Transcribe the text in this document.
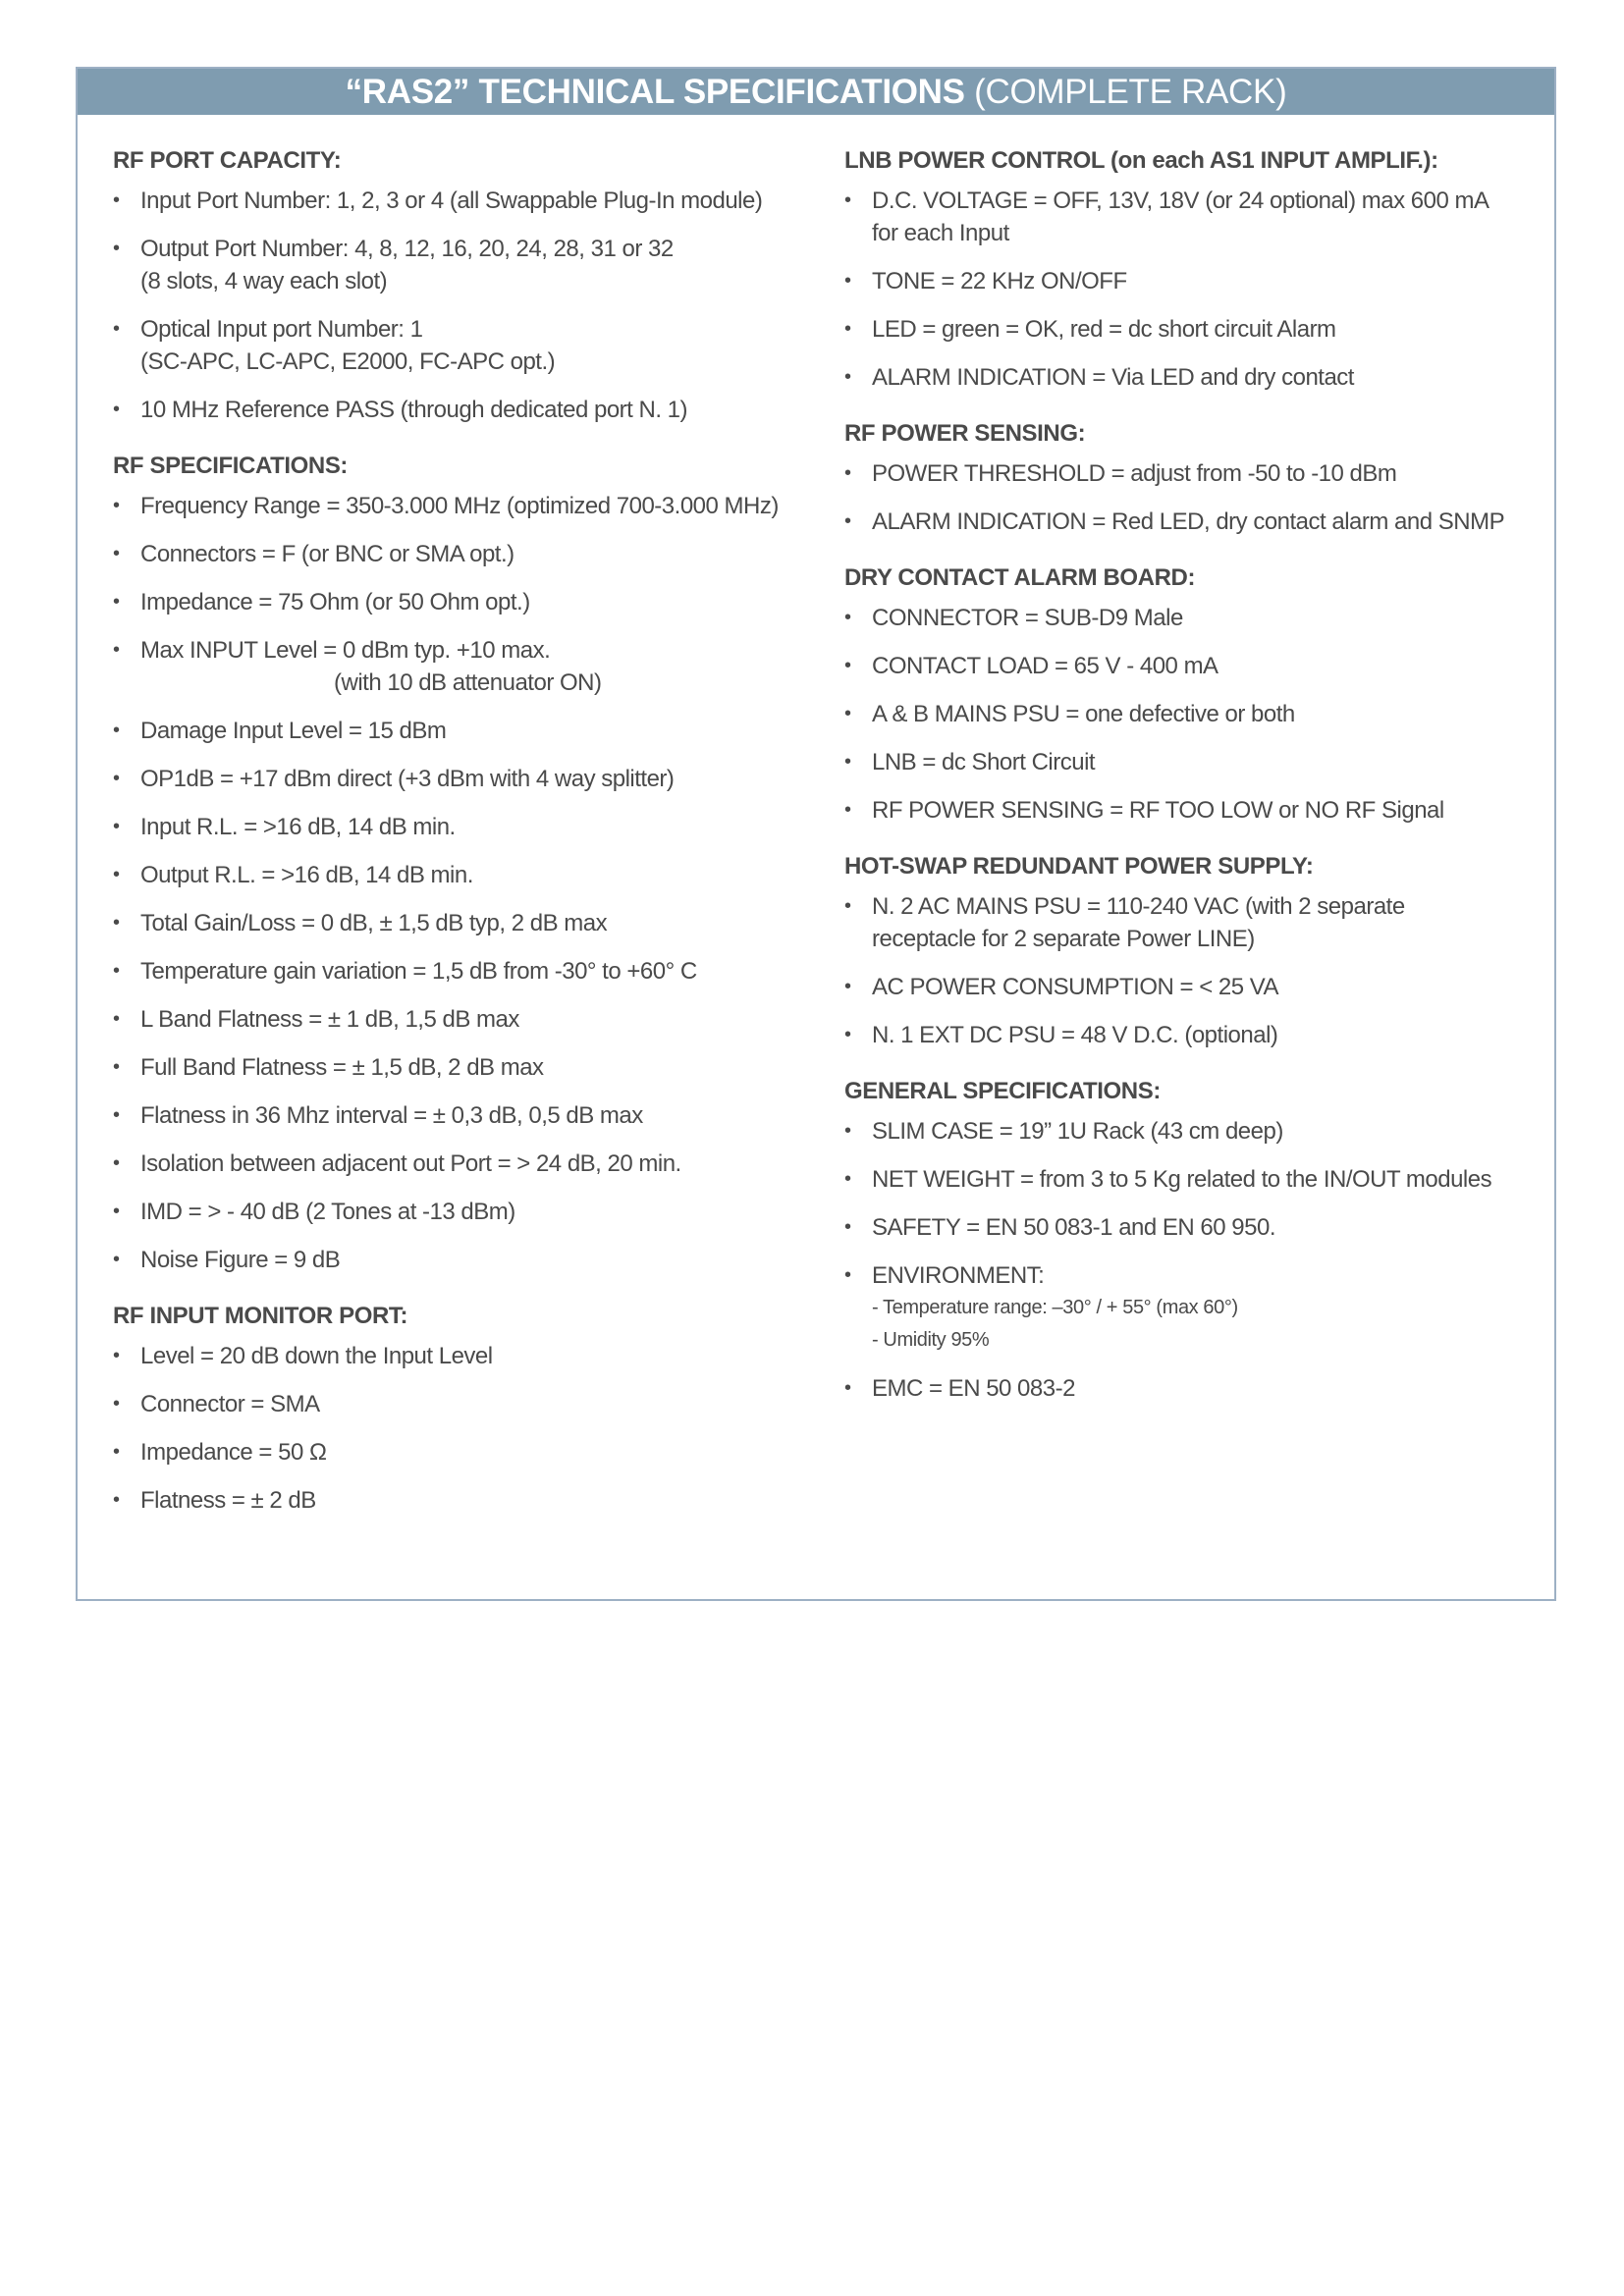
“RAS2” TECHNICAL SPECIFICATIONS (COMPLETE RACK)
RF PORT CAPACITY:
• Input Port Number: 1, 2, 3 or 4 (all Swappable Plug-In module)
• Output Port Number: 4, 8, 12, 16, 20, 24, 28, 31 or 32
(8 slots, 4 way each slot)
• Optical Input port Number: 1
(SC-APC, LC-APC, E2000, FC-APC opt.)
• 10 MHz Reference PASS (through dedicated port N. 1)
RF SPECIFICATIONS:
• Frequency Range = 350-3.000 MHz (optimized 700-3.000 MHz)
• Connectors = F (or BNC or SMA opt.)
• Impedance = 75 Ohm (or 50 Ohm opt.)
• Max INPUT Level = 0 dBm typ. +10 max.
(with 10 dB attenuator ON)
• Damage Input Level = 15 dBm
• OP1dB = +17 dBm direct (+3 dBm with 4 way splitter)
• Input R.L. = >16 dB, 14 dB min.
• Output R.L. = >16 dB, 14 dB min.
• Total Gain/Loss = 0 dB, ± 1,5 dB typ, 2 dB max
• Temperature gain variation = 1,5 dB from -30° to +60° C
• L Band Flatness = ± 1 dB, 1,5 dB max
• Full Band Flatness = ± 1,5 dB, 2 dB max
• Flatness in 36 Mhz interval = ± 0,3 dB, 0,5 dB max
• Isolation between adjacent out Port = > 24 dB, 20 min.
• IMD = > - 40 dB (2 Tones at -13 dBm)
• Noise Figure = 9 dB
RF INPUT MONITOR PORT:
• Level = 20 dB down the Input Level
• Connector = SMA
• Impedance = 50 Ω
• Flatness = ± 2 dB
LNB POWER CONTROL (on each AS1 INPUT AMPLIF.):
• D.C. VOLTAGE = OFF, 13V, 18V (or 24 optional) max 600 mA
for each Input
• TONE = 22 KHz ON/OFF
• LED = green = OK, red = dc short circuit Alarm
• ALARM INDICATION = Via LED and dry contact
RF POWER SENSING:
• POWER THRESHOLD = adjust from -50 to -10 dBm
• ALARM INDICATION = Red LED, dry contact alarm and SNMP
DRY CONTACT ALARM BOARD:
• CONNECTOR = SUB-D9 Male
• CONTACT LOAD = 65 V - 400 mA
• A & B MAINS PSU = one defective or both
• LNB = dc Short Circuit
• RF POWER SENSING = RF TOO LOW or NO RF Signal
HOT-SWAP REDUNDANT POWER SUPPLY:
• N. 2 AC MAINS PSU = 110-240 VAC (with 2 separate
receptacle for 2 separate Power LINE)
• AC POWER CONSUMPTION = < 25 VA
• N. 1 EXT DC PSU = 48 V D.C. (optional)
GENERAL SPECIFICATIONS:
• SLIM CASE = 19” 1U Rack (43 cm deep)
• NET WEIGHT = from 3 to 5 Kg related to the IN/OUT modules
• SAFETY = EN 50 083-1 and EN 60 950.
• ENVIRONMENT:
- Temperature range: –30° / + 55° (max 60°)
- Umidity 95%
• EMC = EN 50 083-2
